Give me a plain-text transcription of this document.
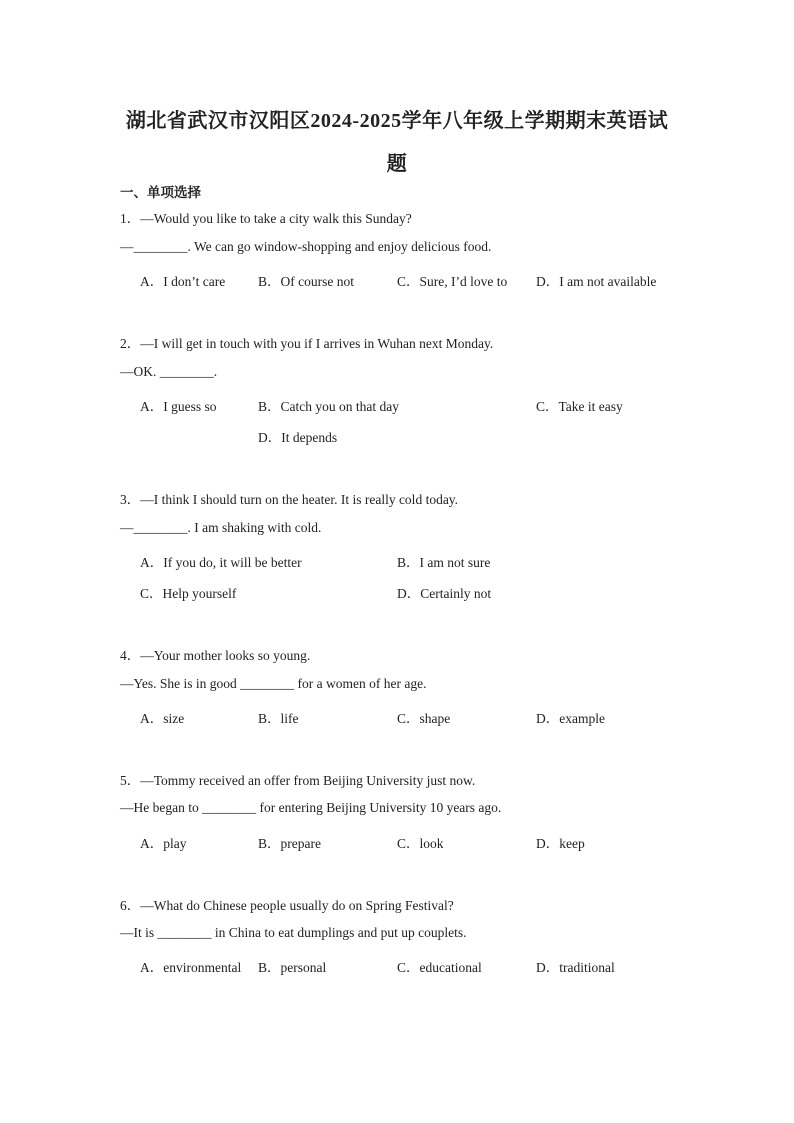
湖北省武汉市汉阳区2024-2025学年八年级上学期期末英语试
题
一、单项选择
1．—Would you like to take a city walk this Sunday?
—________. We can go window-shopping and enjoy delicious food.
A．I don’t care B．Of course not	C．Sure, I’d love to D．I am not available
2．—I will get in touch with you if I arrives in Wuhan next Monday.
—OK. ________.
A．I guess so	B．Catch you on that day	C．Take it easy
D．It depends
3．—I think I should turn on the heater. It is really cold today.
—________. I am shaking with cold.
A．If you do, it will be better	B．I am not sure
C．Help yourself	D．Certainly not
4．—Your mother looks so young.
—Yes. She is in good ________ for a women of her age.
A．size	B．life	C．shape	D．example
5．—Tommy received an offer from Beijing University just now.
—He began to ________ for entering Beijing University 10 years ago.
A．play	B．prepare	C．look	D．keep
6．—What do Chinese people usually do on Spring Festival?
—It is ________ in China to eat dumplings and put up couplets.
A．environmental B．personal	C．educational	D．traditional
